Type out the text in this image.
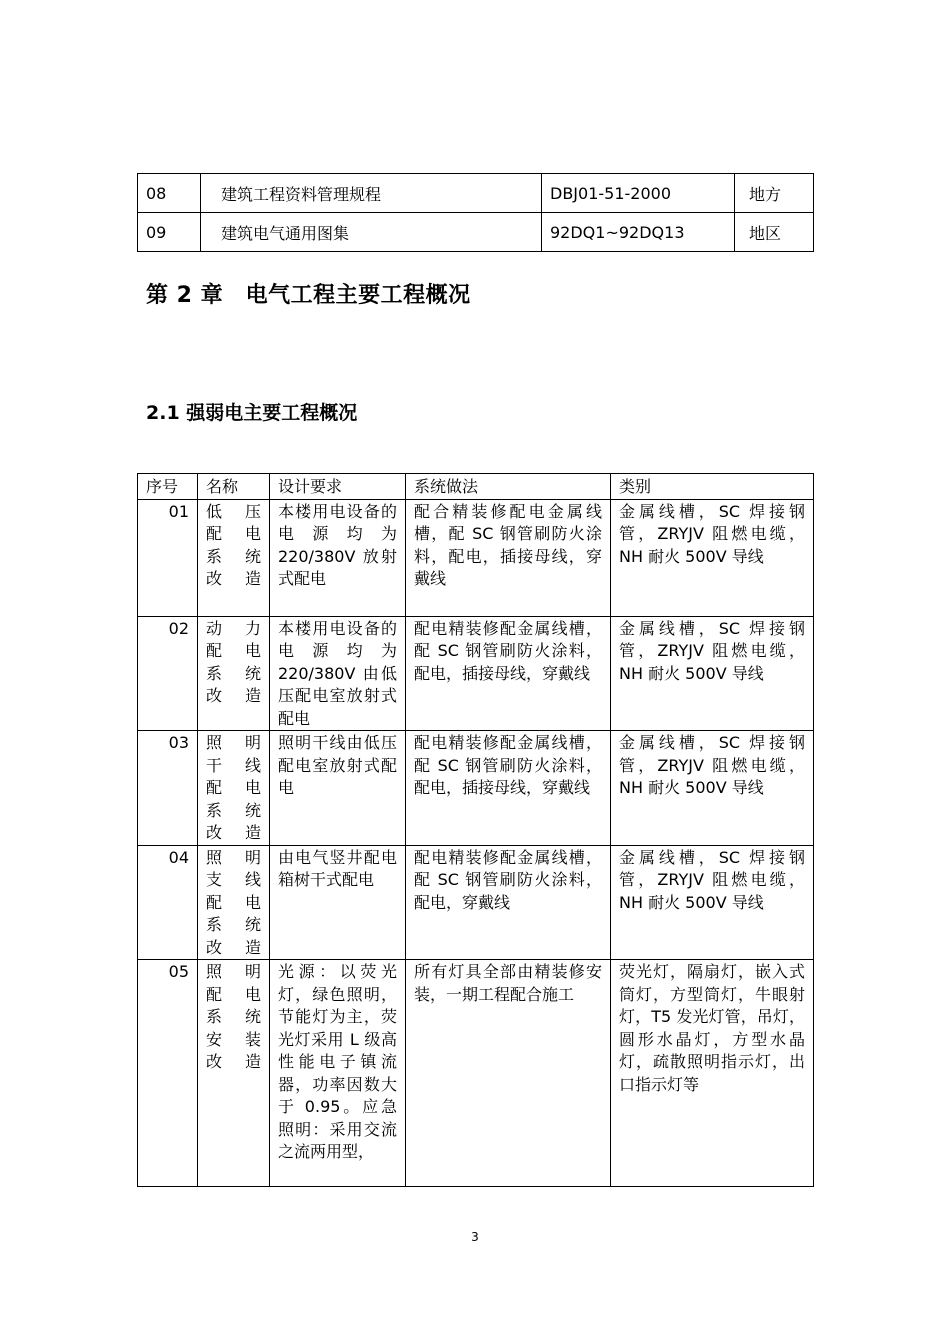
08	建筑工程资料管理规程	DBJ01-51-2000	地方
09	建筑电气通用图集	92DQ1~92DQ13	地区
第 2 章　电气工程主要工程概况
2.1 强弱电主要工程概况
序号	名称	设计要求	系统做法	类别
01	低　压
配　电
系　统
改造	本楼用电设备的电源均为220/380V 放射式配电	配合精装修配电金属线槽，配 SC 钢管刷防火涂料，配电，插接母线，穿戴线	金属线槽，SC 焊接钢管，ZRYJV 阻燃电缆，NH 耐火 500V 导线
02	动　力
配　电
系　统
改造	本楼用电设备的电源均为220/380V 由低压配电室放射式配电	配电精装修配金属线槽，配 SC 钢管刷防火涂料，配电，插接母线，穿戴线	金属线槽，SC 焊接钢管，ZRYJV 阻燃电缆，NH 耐火 500V 导线
03	照　明
干　线
配　电
系　统
改造	照明干线由低压配电室放射式配电	配电精装修配金属线槽，配 SC 钢管刷防火涂料，配电，插接母线，穿戴线	金属线槽，SC 焊接钢管，ZRYJV 阻燃电缆，NH 耐火 500V 导线
04	照　明
支　线
配　电
系　统
改造	由电气竖井配电箱树干式配电	配电精装修配金属线槽，配 SC 钢管刷防火涂料，配电，穿戴线	金属线槽，SC 焊接钢管，ZRYJV 阻燃电缆，NH 耐火 500V 导线
05	照　明
配　电
系　统
安　装
改造	光源：以荧光灯，绿色照明，节能灯为主，荧光灯采用 L 级高性能电子镇流器，功率因数大于 0.95。应急照明：采用交流之流两用型，	所有灯具全部由精装修安装，一期工程配合施工	荧光灯，隔扇灯，嵌入式筒灯，方型筒灯，牛眼射灯，T5 发光灯管，吊灯，圆形水晶灯，方型水晶灯，疏散照明指示灯，出口指示灯等
3
